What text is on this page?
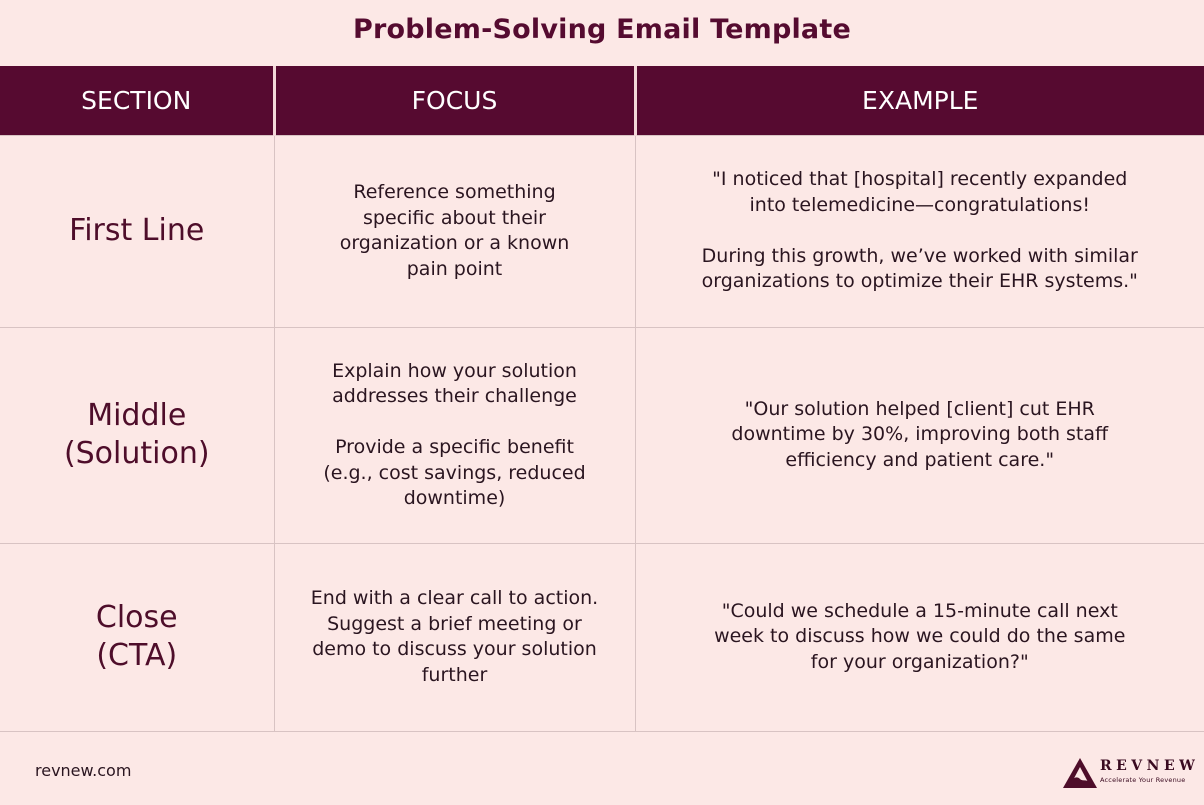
Problem-Solving Email Template
SECTION	FOCUS	EXAMPLE

First Line	Reference something
specific about their
organization or a known
pain point	"I noticed that [hospital] recently expanded
into telemedicine—congratulations!

During this growth, we’ve worked with similar
organizations to optimize their EHR systems."

Middle
(Solution)	Explain how your solution
addresses their challenge

Provide a specific benefit
(e.g., cost savings, reduced
downtime)	"Our solution helped [client] cut EHR
downtime by 30%, improving both staff
efficiency and patient care."

Close
(CTA)	End with a clear call to action.
Suggest a brief meeting or
demo to discuss your solution
further	"Could we schedule a 15-minute call next
week to discuss how we could do the same
for your organization?"
revnew.com	REVNEW
Accelerate Your Revenue
